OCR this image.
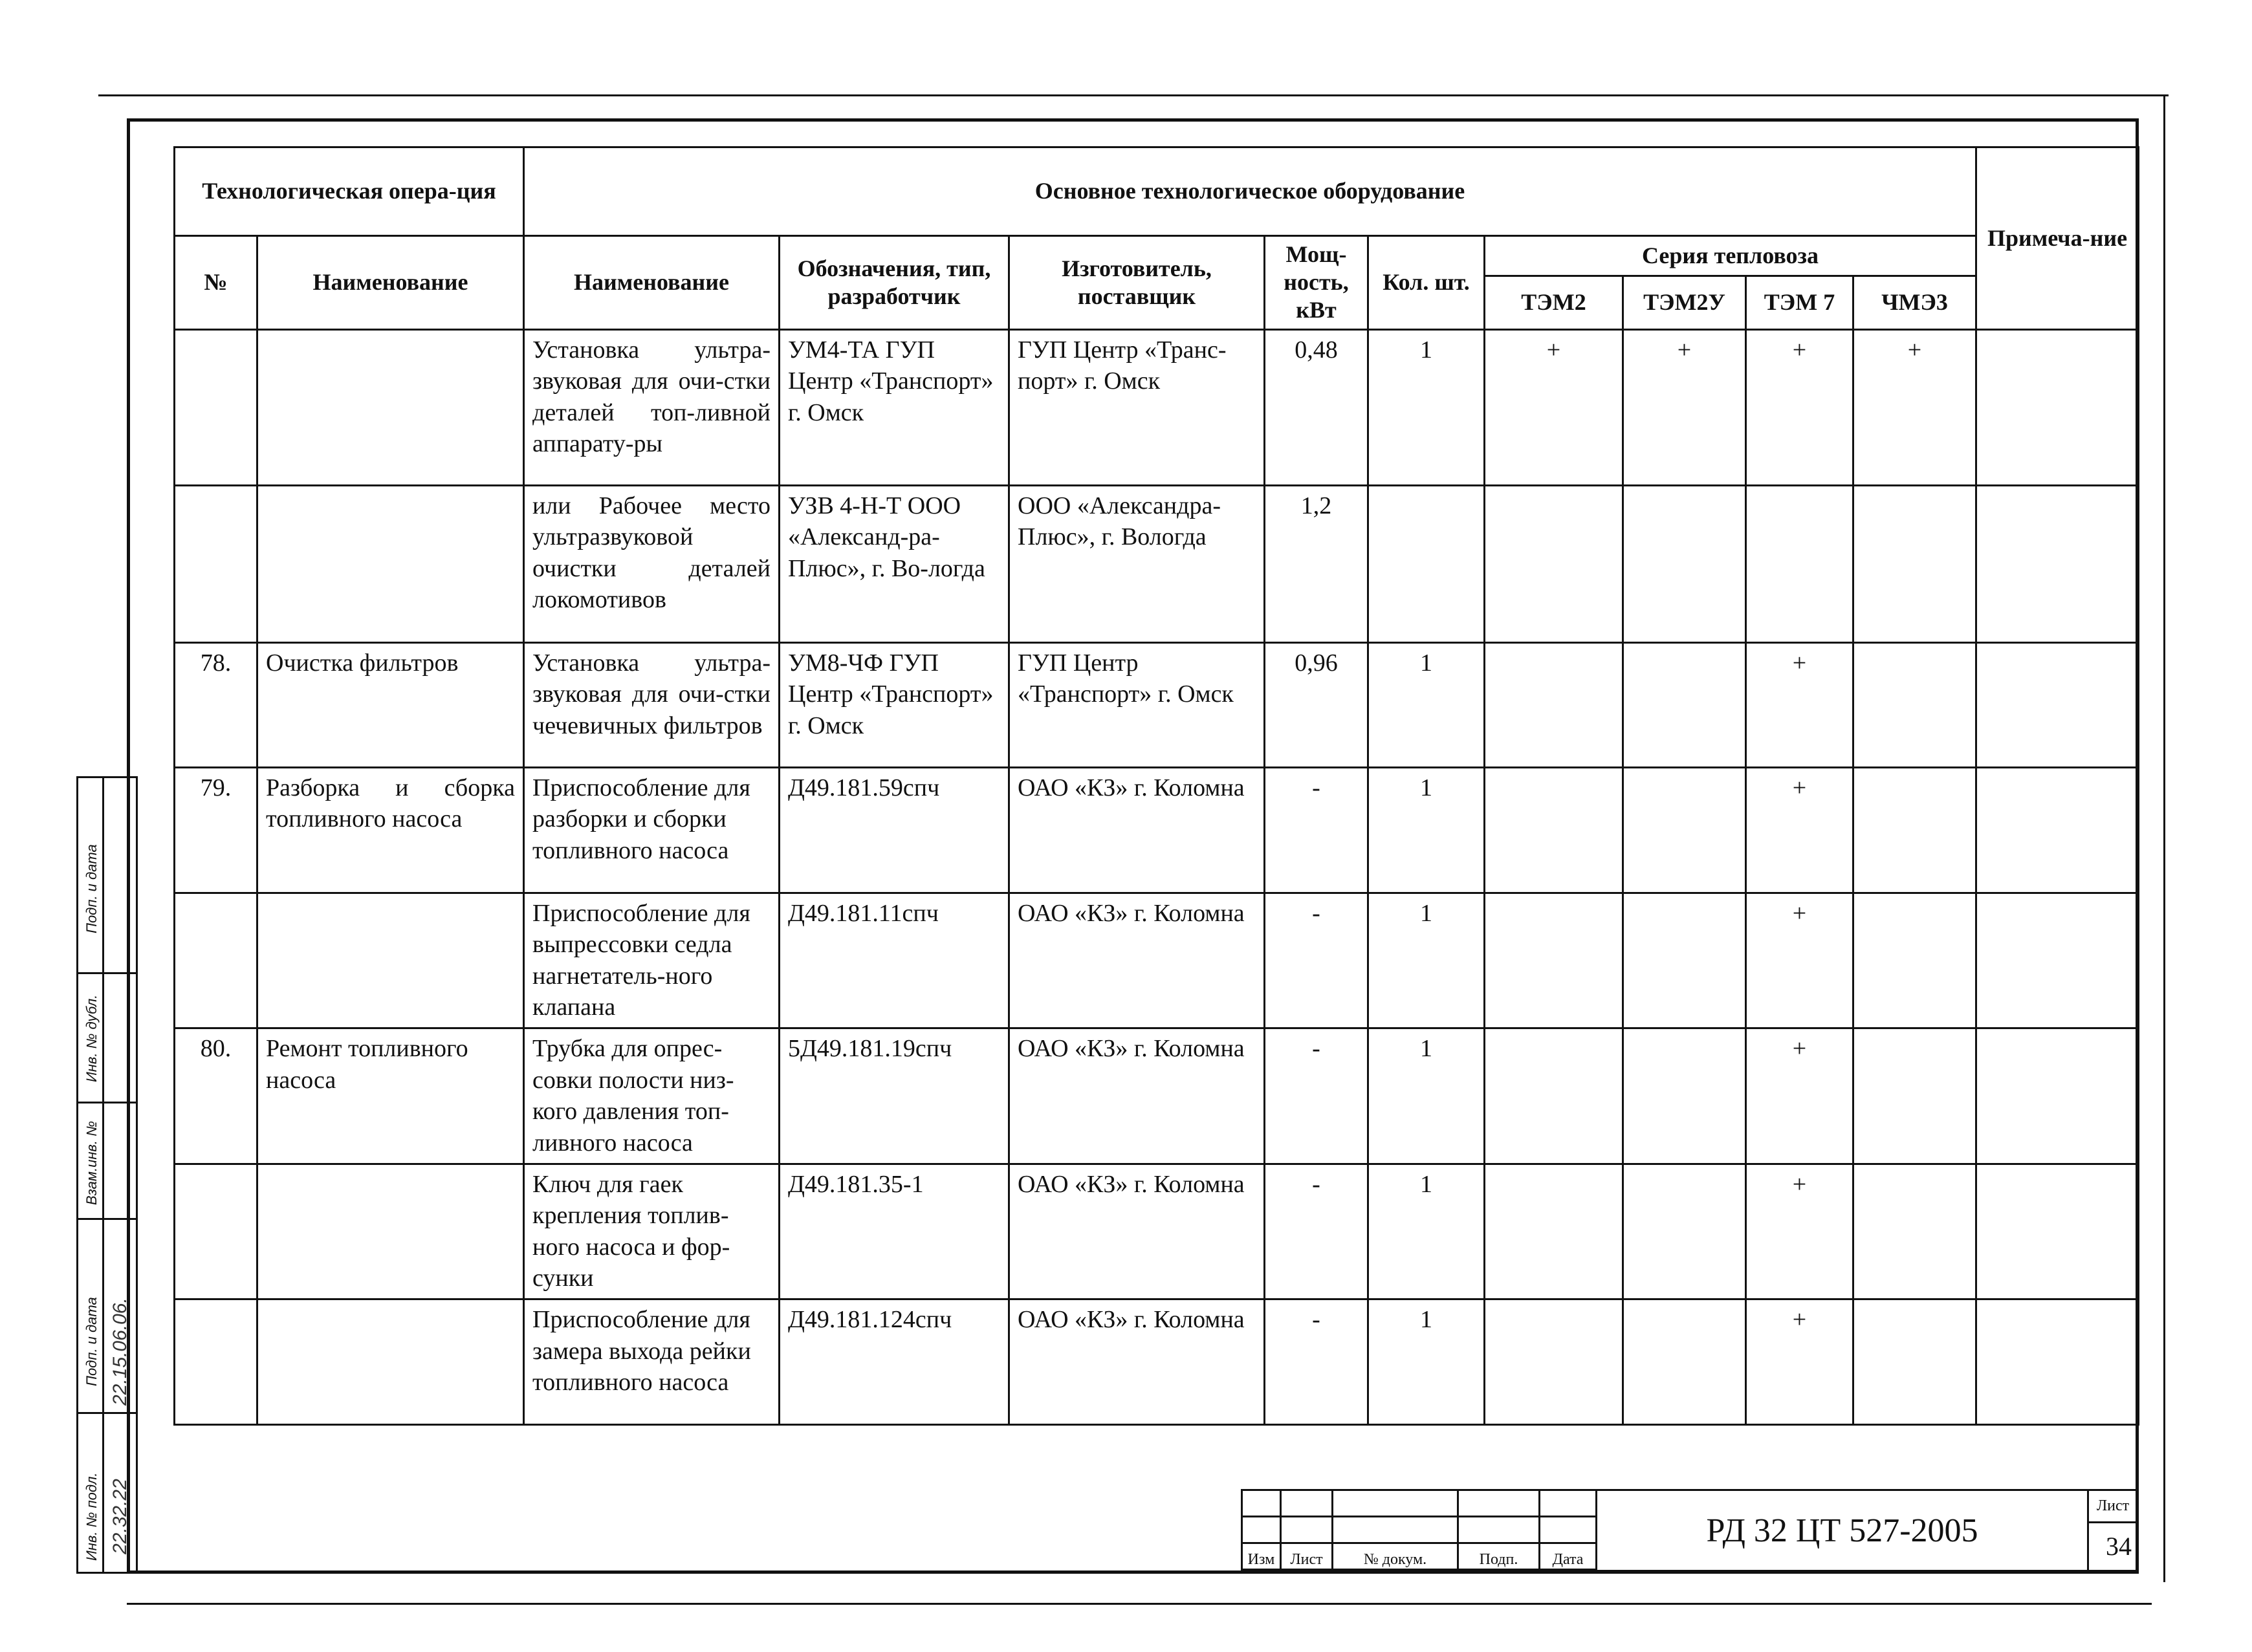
Технологическая опера-ция		Основное технологическое оборудование									Примеча-ние
№	Наименование	Наименование	Обозначения, тип, разработчик	Изготовитель, поставщик	Мощ-ность, кВт	Кол. шт.	Серия тепловоза				
							ТЭМ2	ТЭМ2У	ТЭМ 7	ЧМЭ3	
		Установка ультра-звуковая для очи-стки деталей топ-ливной аппарату-ры	УМ4-ТА ГУП Центр «Транспорт» г. Омск	ГУП Центр «Транс-порт» г. Омск	0,48	1	+	+	+	+	
		или Рабочее место ультразвуковой очистки деталей локомотивов	УЗВ 4-Н-Т ООО «Александ-ра-Плюс», г. Во-логда	ООО «Александра-Плюс», г. Вологда	1,2						
78.	Очистка фильтров	Установка ультра-звуковая для очи-стки чечевичных фильтров	УМ8-ЧФ ГУП Центр «Транспорт» г. Омск	ГУП Центр «Транспорт» г. Омск	0,96	1			+		
79.	Разборка и сборка топливного насоса	Приспособление для разборки и сборки топливного насоса	Д49.181.59спч	ОАО «КЗ» г. Коломна	-	1			+		
		Приспособление для выпрессовки седла нагнетатель-ного клапана	Д49.181.11спч	ОАО «КЗ» г. Коломна	-	1			+		
80.	Ремонт топливного насоса	Трубка для опрес-совки полости низ-кого давления топ-ливного насоса	5Д49.181.19спч	ОАО «КЗ» г. Коломна	-	1			+		
		Ключ для гаек крепления топлив-ного насоса и фор-сунки	Д49.181.35-1	ОАО «КЗ» г. Коломна	-	1			+		
		Приспособление для замера выхода рейки топливного насоса	Д49.181.124спч	ОАО «КЗ» г. Коломна	-	1			+		
Подп. и дата
Инв. № дубл.
Взам.инв. №
Подп. и дата
Инв. № подл.
22.15.06.06.
22.32.22

Изм	Лист	№ докум.	Подп.	Дата
РД 32 ЦТ 527-2005
Лист
34
